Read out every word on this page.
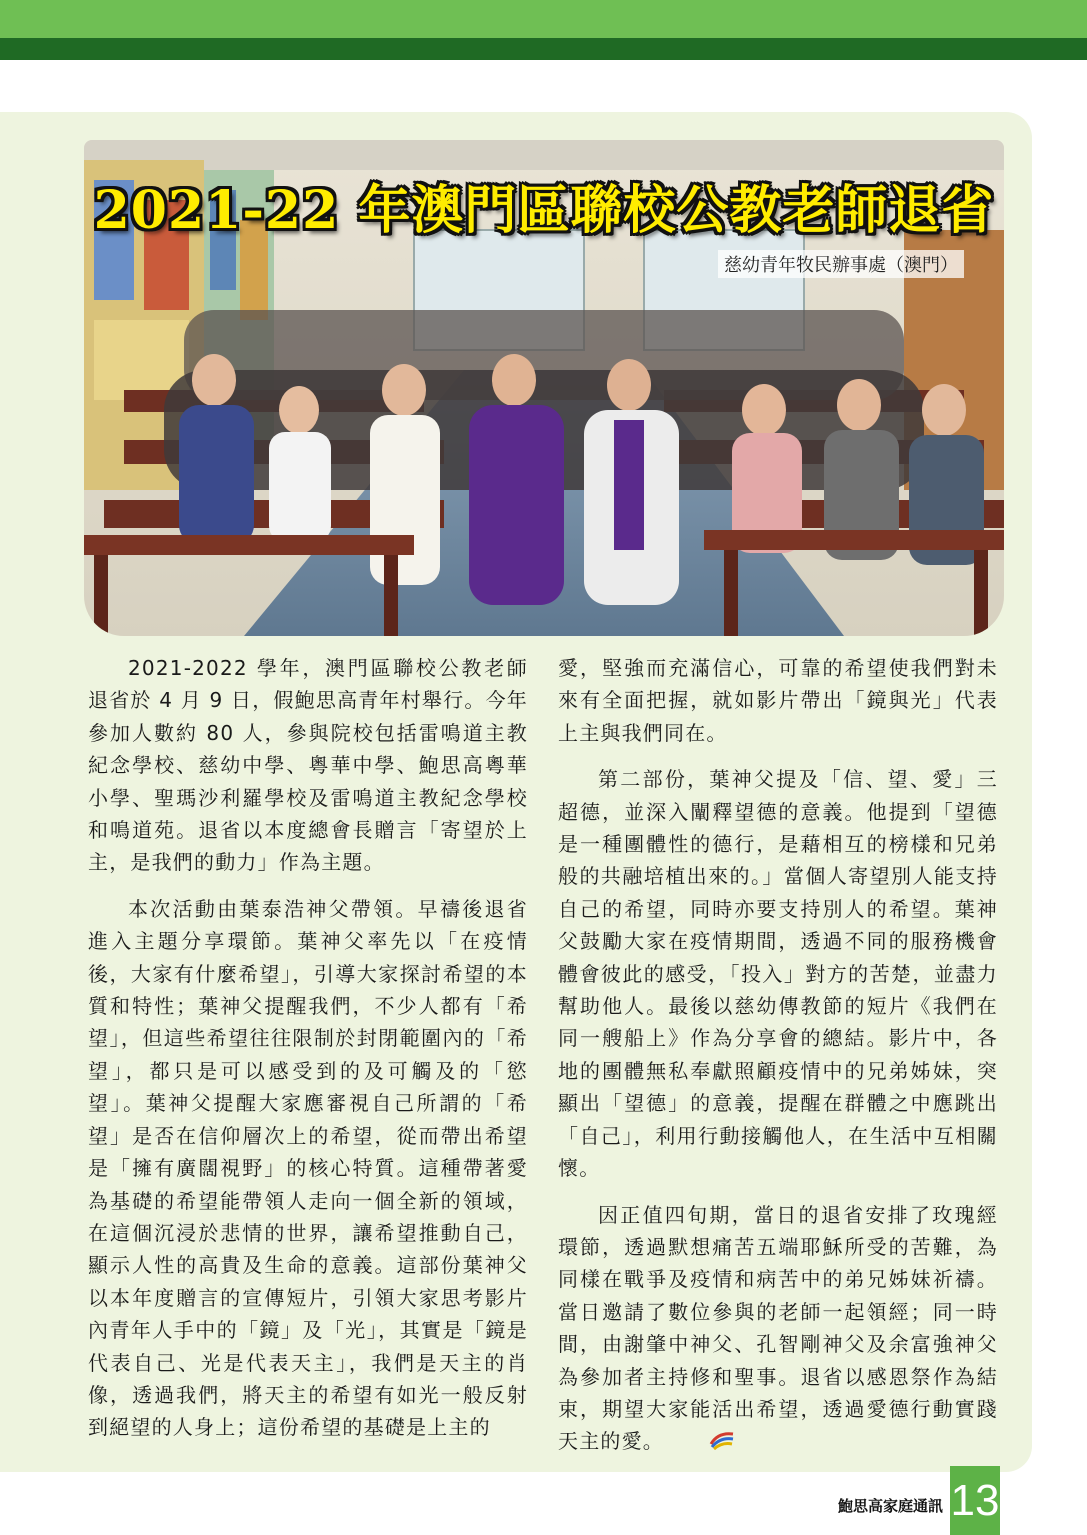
2021-22 年澳門區聯校公教老師退省

慈幼青年牧民辦事處（澳門）

2021-2022 學年，澳門區聯校公教老師退省於 4 月 9 日，假鮑思高青年村舉行。今年參加人數約 80 人，參與院校包括雷鳴道主教紀念學校、慈幼中學、粵華中學、鮑思高粵華小學、聖瑪沙利羅學校及雷鳴道主教紀念學校和鳴道苑。退省以本度總會長贈言「寄望於上主，是我們的動力」作為主題。

本次活動由葉泰浩神父帶領。早禱後退省進入主題分享環節。葉神父率先以「在疫情後，大家有什麼希望」，引導大家探討希望的本質和特性；葉神父提醒我們，不少人都有「希望」，但這些希望往往限制於封閉範圍內的「希望」，都只是可以感受到的及可觸及的「慾望」。葉神父提醒大家應審視自己所謂的「希望」是否在信仰層次上的希望，從而帶出希望是「擁有廣闊視野」的核心特質。這種帶著愛為基礎的希望能帶領人走向一個全新的領域，在這個沉浸於悲情的世界，讓希望推動自己，顯示人性的高貴及生命的意義。這部份葉神父以本年度贈言的宣傳短片，引領大家思考影片內青年人手中的「鏡」及「光」，其實是「鏡是代表自己、光是代表天主」，我們是天主的肖像，透過我們，將天主的希望有如光一般反射到絕望的人身上；這份希望的基礎是上主的

愛，堅強而充滿信心，可靠的希望使我們對未來有全面把握，就如影片帶出「鏡與光」代表上主與我們同在。

第二部份，葉神父提及「信、望、愛」三超德，並深入闡釋望德的意義。他提到「望德是一種團體性的德行，是藉相互的榜樣和兄弟般的共融培植出來的。」當個人寄望別人能支持自己的希望，同時亦要支持別人的希望。葉神父鼓勵大家在疫情期間，透過不同的服務機會體會彼此的感受，「投入」對方的苦楚，並盡力幫助他人。最後以慈幼傳教節的短片《我們在同一艘船上》作為分享會的總結。影片中，各地的團體無私奉獻照顧疫情中的兄弟姊妹，突顯出「望德」的意義，提醒在群體之中應跳出「自己」，利用行動接觸他人，在生活中互相關懷。

因正值四旬期，當日的退省安排了玫瑰經環節，透過默想痛苦五端耶穌所受的苦難，為同樣在戰爭及疫情和病苦中的弟兄姊妹祈禱。當日邀請了數位參與的老師一起領經；同一時間，由謝肇中神父、孔智剛神父及余富強神父為參加者主持修和聖事。退省以感恩祭作為結束，期望大家能活出希望，透過愛德行動實踐天主的愛。

鮑思高家庭通訊 13
